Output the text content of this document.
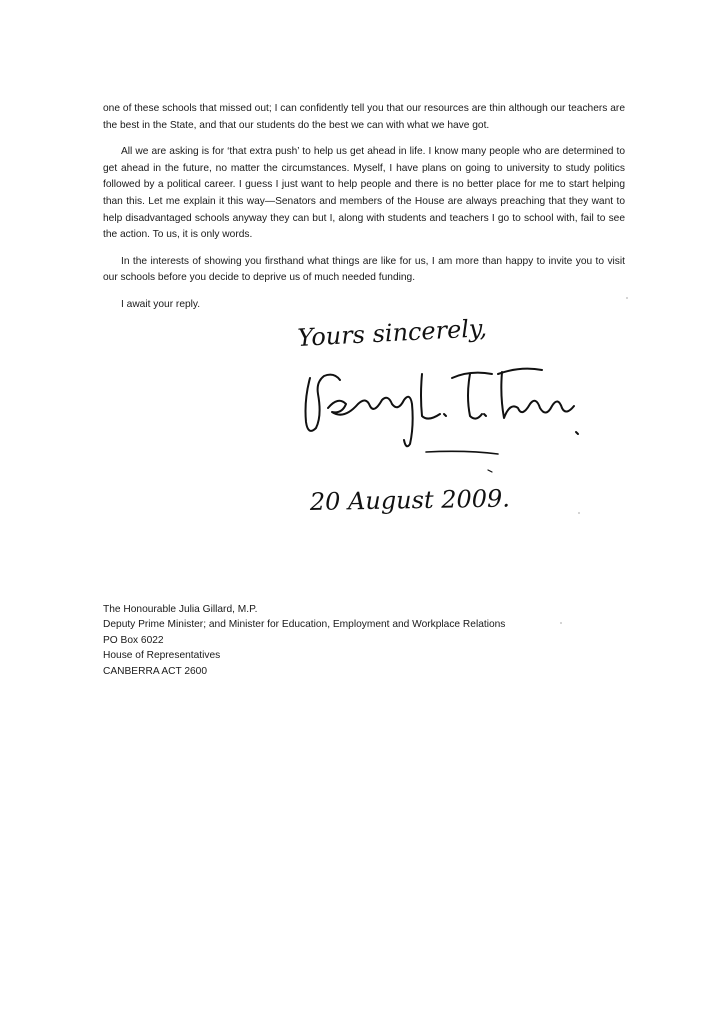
one of these schools that missed out; I can confidently tell you that our resources are thin although our teachers are the best in the State, and that our students do the best we can with what we have got.

All we are asking is for ‘that extra push’ to help us get ahead in life. I know many people who are determined to get ahead in the future, no matter the circumstances. Myself, I have plans on going to university to study politics followed by a political career. I guess I just want to help people and there is no better place for me to start helping than this. Let me explain it this way—Senators and members of the House are always preaching that they want to help disadvantaged schools anyway they can but I, along with students and teachers I go to school with, fail to see the action. To us, it is only words.

In the interests of showing you firsthand what things are like for us, I am more than happy to invite you to visit our schools before you decide to deprive us of much needed funding.

I await your reply.

Yours sincerely,
20 August 2009.
The Honourable Julia Gillard, M.P.
Deputy Prime Minister; and Minister for Education, Employment and Workplace Relations
PO Box 6022
House of Representatives
CANBERRA ACT 2600
